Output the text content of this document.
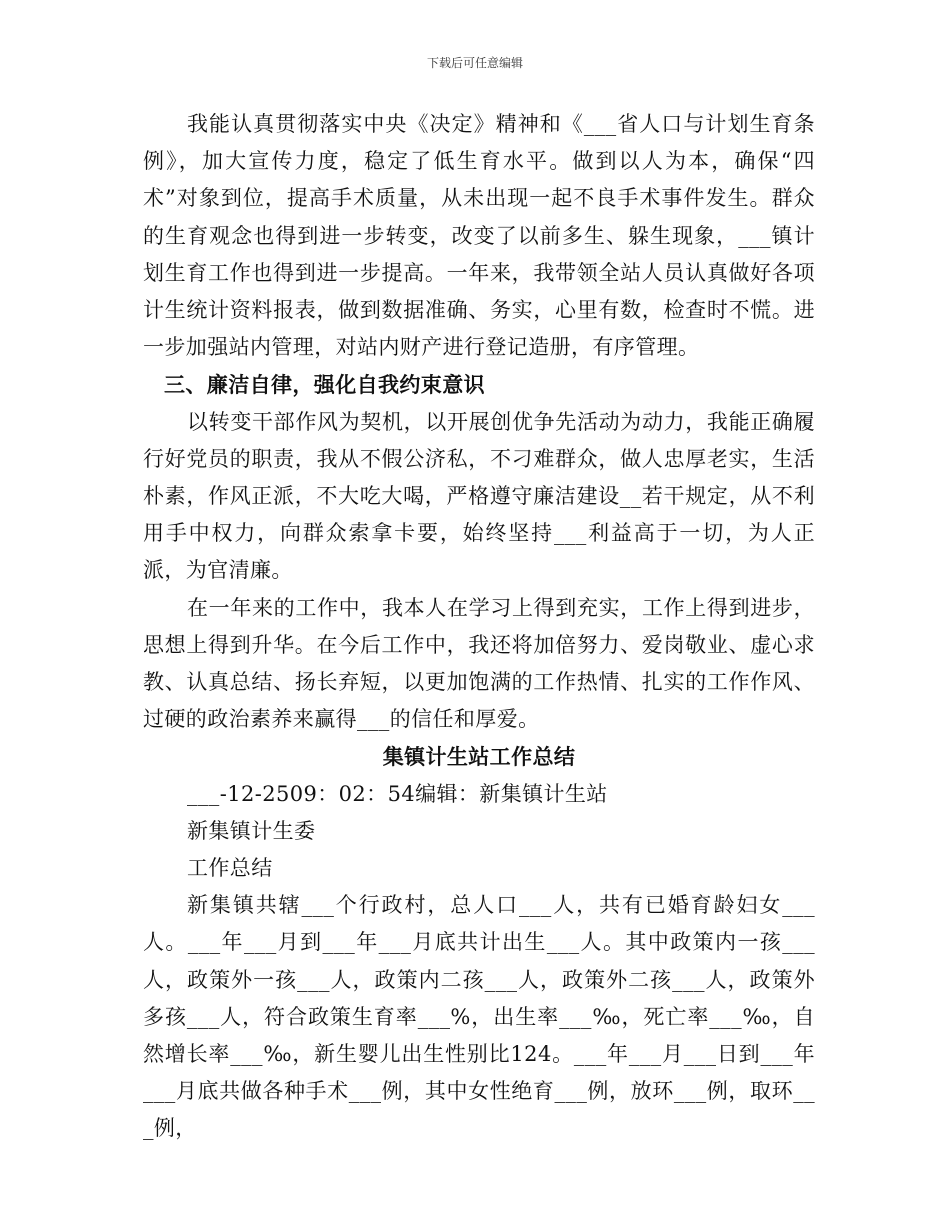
下载后可任意编辑

我能认真贯彻落实中央《决定》精神和《___省人口与计划生育条例》，加大宣传力度，稳定了低生育水平。做到以人为本，确保“四术”对象到位，提高手术质量，从未出现一起不良手术事件发生。群众的生育观念也得到进一步转变，改变了以前多生、躲生现象，___镇计划生育工作也得到进一步提高。一年来，我带领全站人员认真做好各项计生统计资料报表，做到数据准确、务实，心里有数，检查时不慌。进一步加强站内管理，对站内财产进行登记造册，有序管理。

三、廉洁自律，强化自我约束意识

以转变干部作风为契机，以开展创优争先活动为动力，我能正确履行好党员的职责，我从不假公济私，不刁难群众，做人忠厚老实，生活朴素，作风正派，不大吃大喝，严格遵守廉洁建设__若干规定，从不利用手中权力，向群众索拿卡要，始终坚持___利益高于一切，为人正派，为官清廉。

在一年来的工作中，我本人在学习上得到充实，工作上得到进步，思想上得到升华。在今后工作中，我还将加倍努力、爱岗敬业、虚心求教、认真总结、扬长弃短，以更加饱满的工作热情、扎实的工作作风、过硬的政治素养来赢得___的信任和厚爱。

集镇计生站工作总结

___-12-2509：02：54编辑：新集镇计生站

新集镇计生委

工作总结

新集镇共辖___个行政村，总人口___人，共有已婚育龄妇女___人。___年___月到___年___月底共计出生___人。其中政策内一孩___人，政策外一孩___人，政策内二孩___人，政策外二孩___人，政策外多孩___人，符合政策生育率___%，出生率___‰，死亡率___‰，自然增长率___‰，新生婴儿出生性别比124。___年___月___日到___年___月底共做各种手术___例，其中女性绝育___例，放环___例，取环___例，
